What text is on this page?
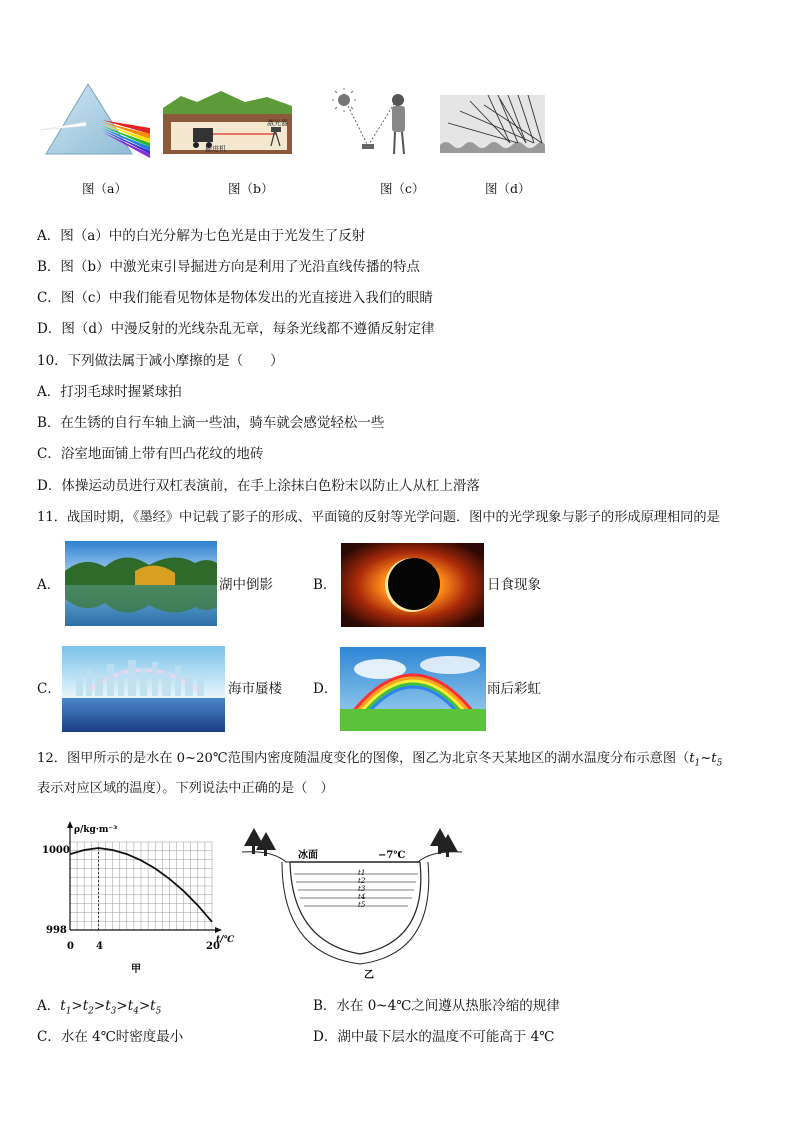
激光器
掘进机
图（a）	图（b）	图（c）	图（d）
A．图（a）中的白光分解为七色光是由于光发生了反射
B．图（b）中激光束引导掘进方向是利用了光沿直线传播的特点
C．图（c）中我们能看见物体是物体发出的光直接进入我们的眼睛
D．图（d）中漫反射的光线杂乱无章，每条光线都不遵循反射定律
10．下列做法属于减小摩擦的是（　　）
A．打羽毛球时握紧球拍
B．在生锈的自行车轴上滴一些油，骑车就会感觉轻松一些
C．浴室地面铺上带有凹凸花纹的地砖
D．体操运动员进行双杠表演前，在手上涂抹白色粉末以防止人从杠上滑落
11．战国时期，《墨经》中记载了影子的形成、平面镜的反射等光学问题．图中的光学现象与影子的形成原理相同的是
A．	湖中倒影	B．	日食现象
C．	海市蜃楼 D．	雨后彩虹
12．图甲所示的是水在 0~20℃范围内密度随温度变化的图像，图乙为北京冬天某地区的湖水温度分布示意图（$t_1\sim t_5$
表示对应区域的温度）。下列说法中正确的是（　）
ρ/kg·m⁻³
t/℃
1000
998
0 4	20
甲
冰面	−7℃
t1
t2
t3
t4
t5
乙
A．$t_1>t_2>t_3>t_4>t_5$	B．水在 0~4℃之间遵从热胀冷缩的规律
C．水在 4℃时密度最小	D．湖中最下层水的温度不可能高于 4℃
